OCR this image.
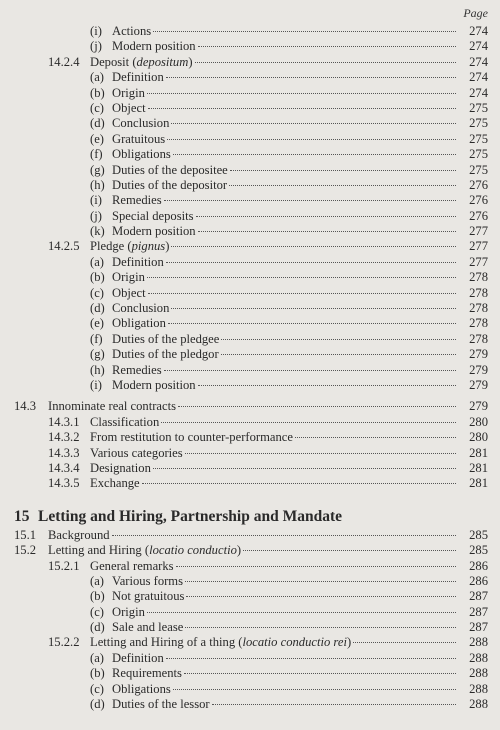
Page
(i) Actions	274
(j) Modern position	274
14.2.4 Deposit (depositum)	274
(a) Definition	274
(b) Origin	274
(c) Object	275
(d) Conclusion	275
(e) Gratuitous	275
(f) Obligations	275
(g) Duties of the depositee	275
(h) Duties of the depositor	276
(i) Remedies	276
(j) Special deposits	276
(k) Modern position	277
14.2.5 Pledge (pignus)	277
(a) Definition	277
(b) Origin	278
(c) Object	278
(d) Conclusion	278
(e) Obligation	278
(f) Duties of the pledgee	278
(g) Duties of the pledgor	279
(h) Remedies	279
(i) Modern position	279
14.3 Innominate real contracts	279
14.3.1 Classification	280
14.3.2 From restitution to counter-performance	280
14.3.3 Various categories	281
14.3.4 Designation	281
14.3.5 Exchange	281
15 Letting and Hiring, Partnership and Mandate
15.1 Background	285
15.2 Letting and Hiring (locatio conductio)	285
15.2.1 General remarks	286
(a) Various forms	286
(b) Not gratuitous	287
(c) Origin	287
(d) Sale and lease	287
15.2.2 Letting and Hiring of a thing (locatio conductio rei)	288
(a) Definition	288
(b) Requirements	288
(c) Obligations	288
(d) Duties of the lessor	288
